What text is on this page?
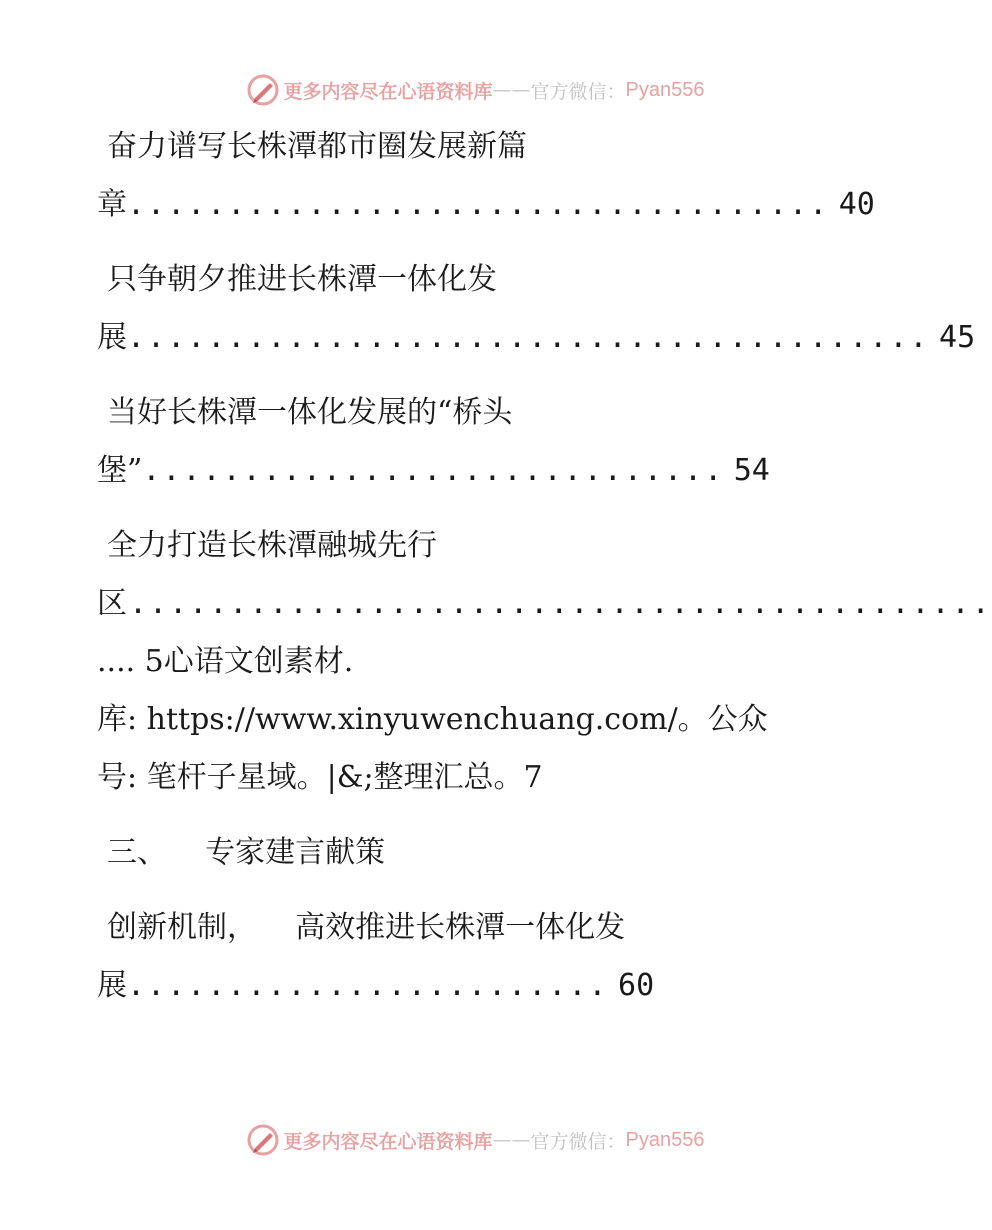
更多内容尽在心语资料库 —— 官方微信： Pyan556
奋力谱写长株潭都市圈发展新篇
章................................... 40
只争朝夕推进长株潭一体化发
展........................................ 45
当好长株潭一体化发展的“桥头
堡”............................. 54
全力打造长株潭融城先行
区...........................................
.... 5心语文创素材.
库: https://www.xinyuwenchuang.com/。公众
号: 笔杆子星域。|&;整理汇总。7
三、    专家建言献策
创新机制，    高效推进长株潭一体化发
展........................ 60
更多内容尽在心语资料库 —— 官方微信： Pyan556
